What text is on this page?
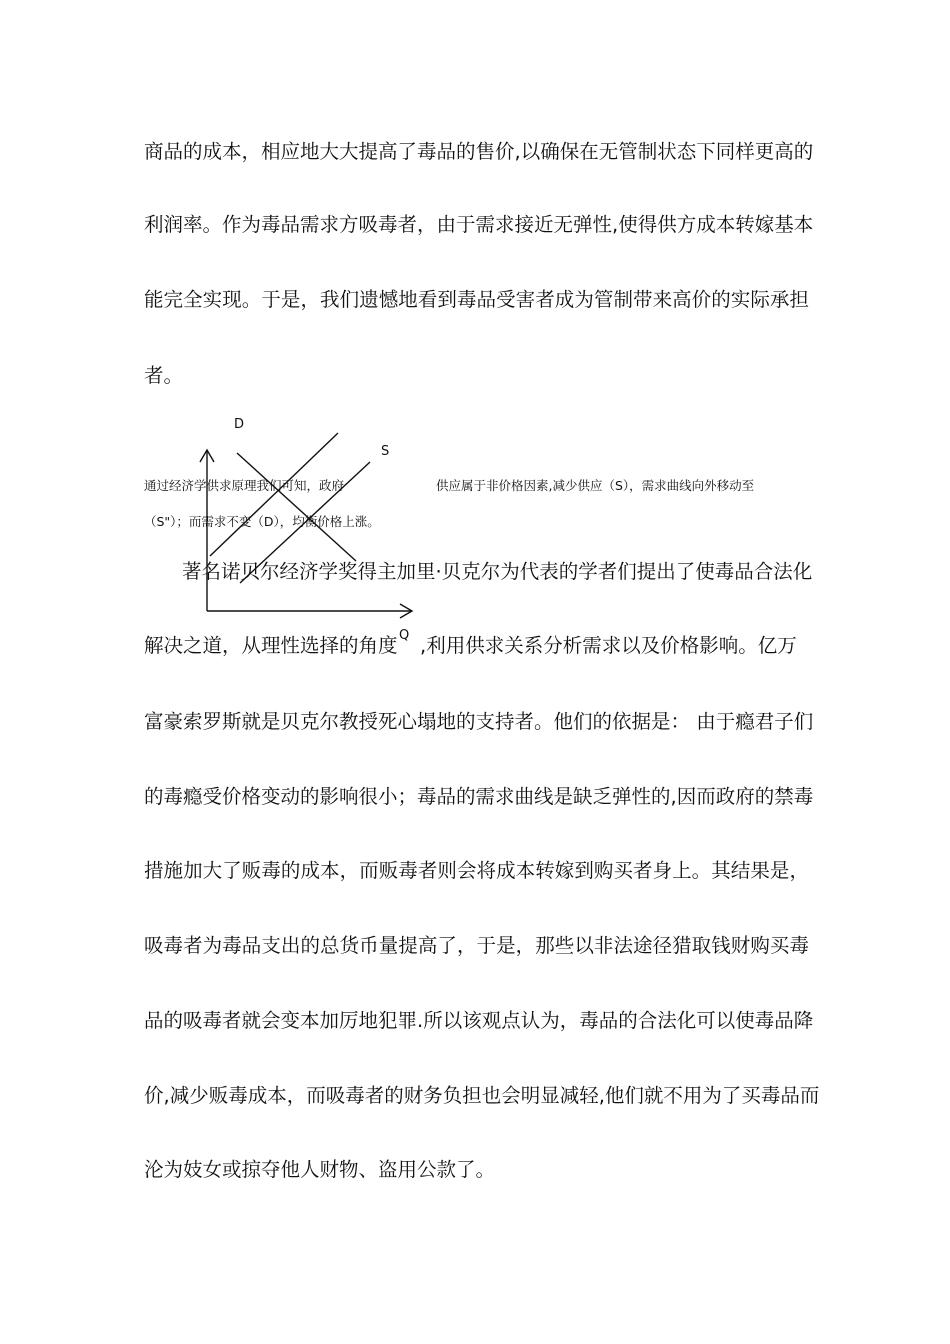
商品的成本，相应地大大提高了毒品的售价,以确保在无管制状态下同样更高的
利润率。作为毒品需求方吸毒者，由于需求接近无弹性,使得供方成本转嫁基本
能完全实现。于是，我们遗憾地看到毒品受害者成为管制带来高价的实际承担
者。
D
S
Q
通过经济学供求原理我们可知，政府	供应属于非价格因素,减少供应（S），需求曲线向外移动至
（S"）；而需求不变（D），均衡价格上涨。
著名诺贝尔经济学奖得主加里·贝克尔为代表的学者们提出了使毒品合法化
解决之道，从理性选择的角度 ,利用供求关系分析需求以及价格影响。亿万
富豪索罗斯就是贝克尔教授死心塌地的支持者。他们的依据是： 由于瘾君子们
的毒瘾受价格变动的影响很小；毒品的需求曲线是缺乏弹性的,因而政府的禁毒
措施加大了贩毒的成本，而贩毒者则会将成本转嫁到购买者身上。其结果是，
吸毒者为毒品支出的总货币量提高了，于是，那些以非法途径猎取钱财购买毒
品的吸毒者就会变本加厉地犯罪.所以该观点认为，毒品的合法化可以使毒品降
价,减少贩毒成本，而吸毒者的财务负担也会明显减轻,他们就不用为了买毒品而
沦为妓女或掠夺他人财物、盗用公款了。
